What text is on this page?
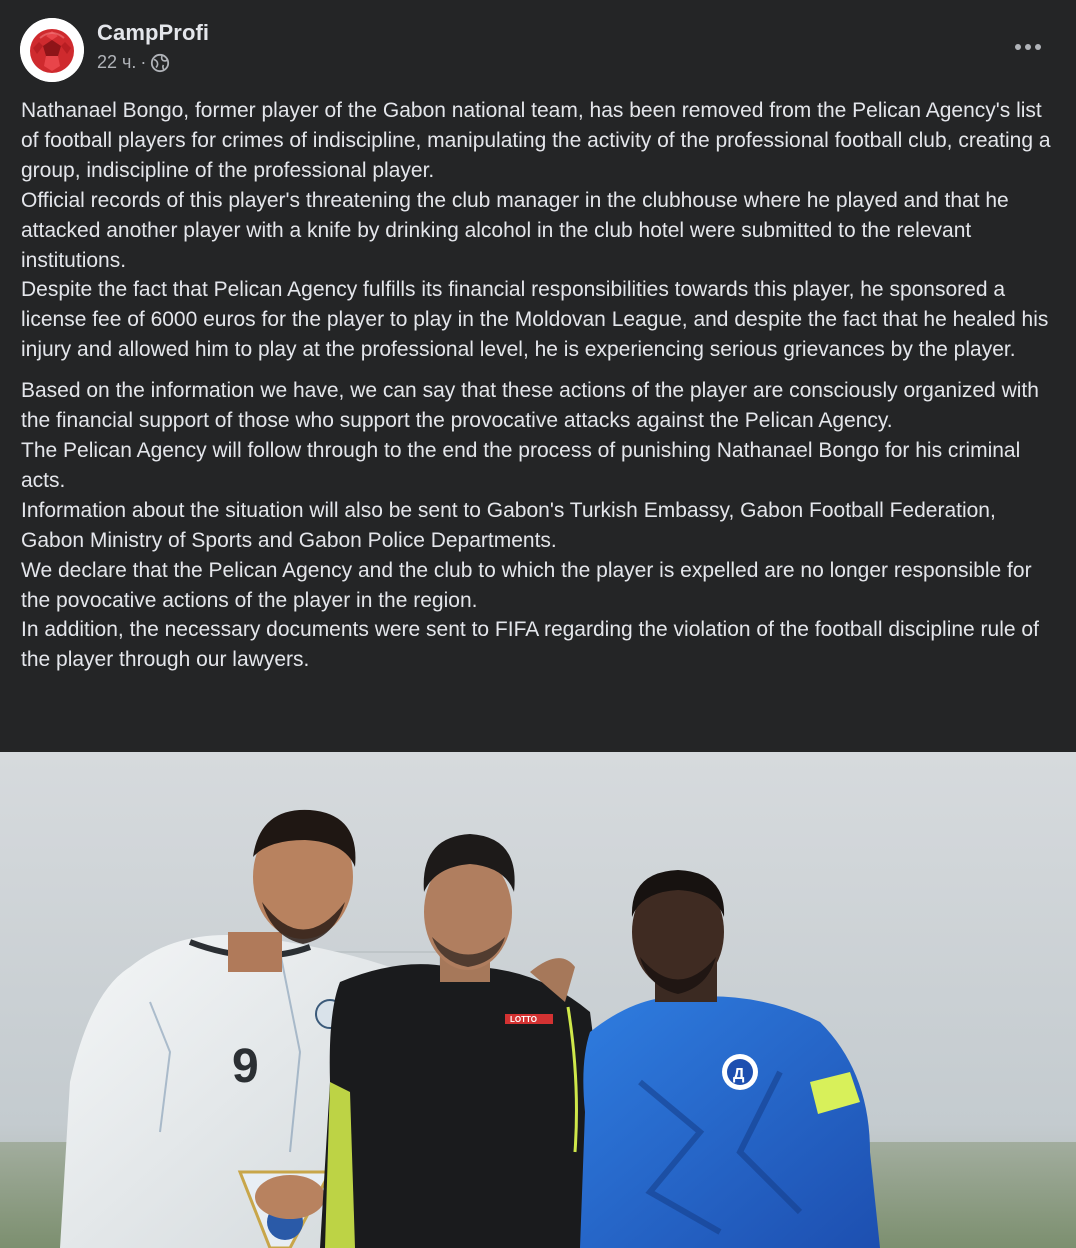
CampProfi
22 ч. ·

Nathanael Bongo, former player of the Gabon national team, has been removed from the Pelican Agency's list of football players for crimes of indiscipline, manipulating the activity of the professional football club, creating a group, indiscipline of the professional player.

Official records of this player's threatening the club manager in the clubhouse where he played and that he attacked another player with a knife by drinking alcohol in the club hotel were submitted to the relevant institutions.

Despite the fact that Pelican Agency fulfills its financial responsibilities towards this player, he sponsored a license fee of 6000 euros for the player to play in the Moldovan League, and despite the fact that he healed his injury and allowed him to play at the professional level, he is experiencing serious grievances by the player.

Based on the information we have, we can say that these actions of the player are consciously organized with the financial support of those who support the provocative attacks against the Pelican Agency.

The Pelican Agency will follow through to the end the process of punishing Nathanael Bongo for his criminal acts.

Information about the situation will also be sent to Gabon's Turkish Embassy, Gabon Football Federation, Gabon Ministry of Sports and Gabon Police Departments.

We declare that the Pelican Agency and the club to which the player is expelled are no longer responsible for the povocative actions of the player in the region.

In addition, the necessary documents were sent to FIFA regarding the violation of the football discipline rule of the player through our lawyers.

9
LOTTO
Д
